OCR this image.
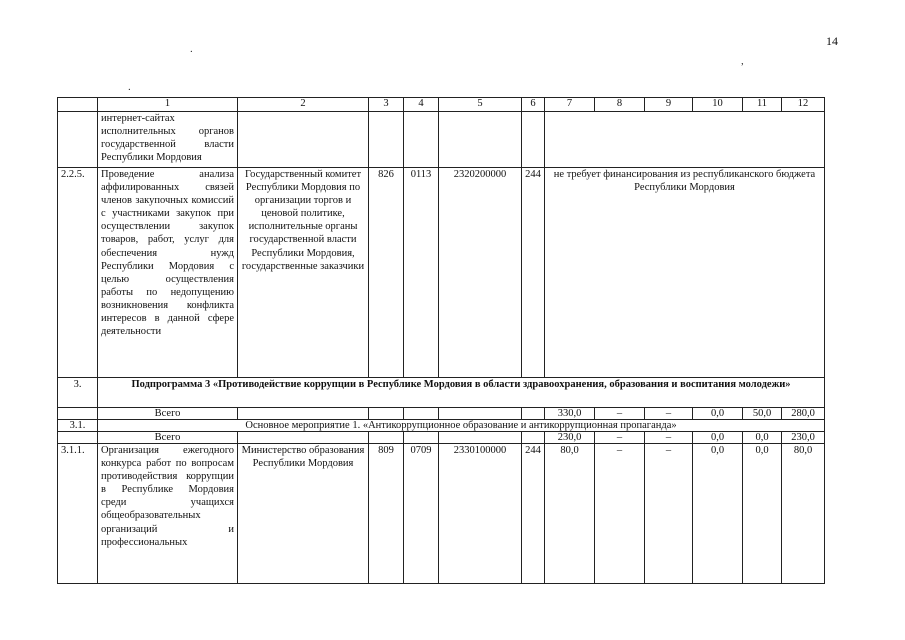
14
,
.
.
	1	2	3	4	5	6	7	8	9	10	11	12
	интернет-сайтах исполнительных органов государственной власти Республики Мордовия											
2.2.5.	Проведение анализа аффилированных связей членов закупочных комиссий с участниками закупок при осуществлении закупок товаров, работ, услуг для обеспечения нужд Республики Мордовия с целью осуществления работы по недопущению возникновения конфликта интересов в данной сфере деятельности	Государственный комитет Республики Мордовия по организации торгов и ценовой политике, исполнительные органы государственной власти Республики Мордовия, государственные заказчики	826	0113	2320200000	244	не требует финансирования из республиканского бюджета Республики Мордовия					
3.	Подпрограмма 3 «Противодействие коррупции в Республике Мордовия в области здравоохранения, образования и воспитания молодежи»											
	Всего						330,0	–	–	0,0	50,0	280,0
3.1.	Основное мероприятие 1. «Антикоррупционное образование и антикоррупционная пропаганда»											
	Всего						230,0	–	–	0,0	0,0	230,0
3.1.1.	Организация ежегодного конкурса работ по вопросам противодействия коррупции в Республике Мордовия среди учащихся общеобразовательных организаций и профессиональных	Министерство образования Республики Мордовия	809	0709	2330100000	244	80,0	–	–	0,0	0,0	80,0
